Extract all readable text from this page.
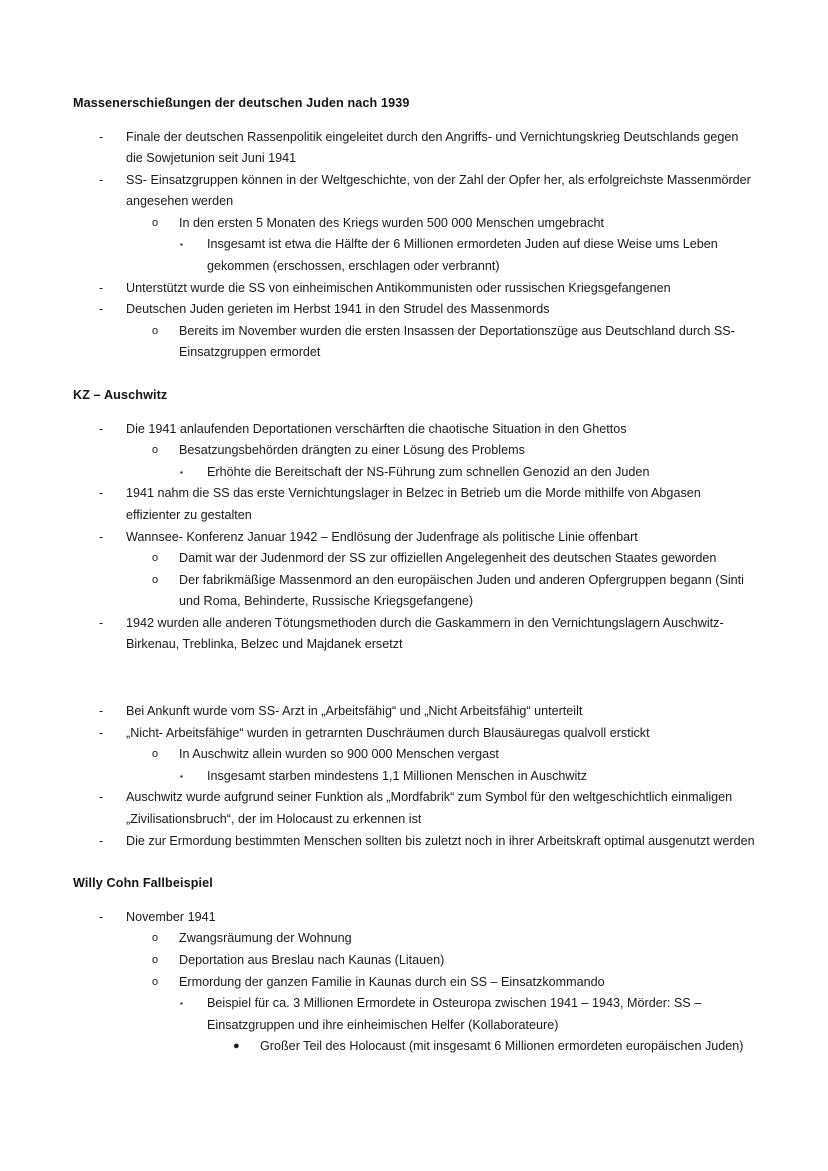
Massenerschießungen der deutschen Juden nach 1939
-	Finale der deutschen Rassenpolitik eingeleitet durch den Angriffs- und Vernichtungskrieg Deutschlands gegen die Sowjetunion seit Juni 1941
-	SS- Einsatzgruppen können in der Weltgeschichte, von der Zahl der Opfer her, als erfolgreichste Massenmörder angesehen werden
o	In den ersten 5 Monaten des Kriegs wurden 500 000 Menschen umgebracht
▪	Insgesamt ist etwa die Hälfte der 6 Millionen ermordeten Juden auf diese Weise ums Leben gekommen (erschossen, erschlagen oder verbrannt)
-	Unterstützt wurde die SS von einheimischen Antikommunisten oder russischen Kriegsgefangenen
-	Deutschen Juden gerieten im Herbst 1941 in den Strudel des Massenmords
o	Bereits im November wurden die ersten Insassen der Deportationszüge aus Deutschland durch SS- Einsatzgruppen ermordet
KZ – Auschwitz
-	Die 1941 anlaufenden Deportationen verschärften die chaotische Situation in den Ghettos
o	Besatzungsbehörden drängten zu einer Lösung des Problems
▪	Erhöhte die Bereitschaft der NS-Führung zum schnellen Genozid an den Juden
-	1941 nahm die SS das erste Vernichtungslager in Belzec in Betrieb um die Morde mithilfe von Abgasen effizienter zu gestalten
-	Wannsee- Konferenz Januar 1942 – Endlösung der Judenfrage als politische Linie offenbart
o	Damit war der Judenmord der SS zur offiziellen Angelegenheit des deutschen Staates geworden
o	Der fabrikmäßige Massenmord an den europäischen Juden und anderen Opfergruppen begann (Sinti und Roma, Behinderte, Russische Kriegsgefangene)
-	1942 wurden alle anderen Tötungsmethoden durch die Gaskammern in den Vernichtungslagern Auschwitz- Birkenau, Treblinka, Belzec und Majdanek ersetzt
-	Bei Ankunft wurde vom SS- Arzt in „Arbeitsfähig“ und „Nicht Arbeitsfähig“ unterteilt
-	„Nicht- Arbeitsfähige“ wurden in getrarnten Duschräumen durch Blausäuregas qualvoll erstickt
o	In Auschwitz allein wurden so 900 000 Menschen vergast
▪	Insgesamt starben mindestens 1,1 Millionen Menschen in Auschwitz
-	Auschwitz wurde aufgrund seiner Funktion als „Mordfabrik“ zum Symbol für den weltgeschichtlich einmaligen „Zivilisationsbruch“, der im Holocaust zu erkennen ist
-	Die zur Ermordung bestimmten Menschen sollten bis zuletzt noch in ihrer Arbeitskraft optimal ausgenutzt werden
Willy Cohn Fallbeispiel
-	November 1941
o	Zwangsräumung der Wohnung
o	Deportation aus Breslau nach Kaunas (Litauen)
o	Ermordung der ganzen Familie in Kaunas durch ein SS – Einsatzkommando
▪	Beispiel für ca. 3 Millionen Ermordete in Osteuropa zwischen 1941 – 1943, Mörder: SS – Einsatzgruppen und ihre einheimischen Helfer (Kollaborateure)
●	Großer Teil des Holocaust (mit insgesamt 6 Millionen ermordeten europäischen Juden)
